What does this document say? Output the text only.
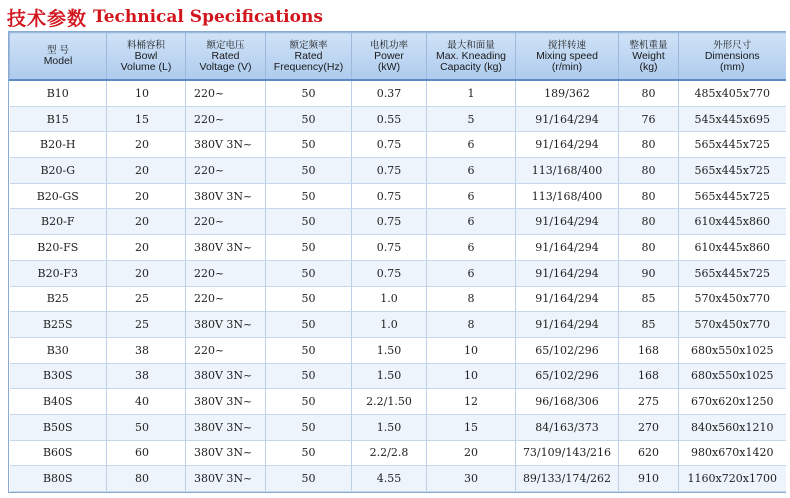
技术参数 Technical Specifications
型 号
Model	料桶容积
Bowl
Volume (L)	额定电压
Rated
Voltage (V)	额定频率
Rated
Frequency(Hz)	电机功率
Power
(kW)	最大和面量
Max. Kneading
Capacity (kg)	搅拌转速
Mixing speed
(r/min)	整机重量
Weight
(kg)	外形尺寸
Dimensions
(mm)

B10	10	220~	50	0.37	1	189/362	80	485x405x770
B15	15	220~	50	0.55	5	91/164/294	76	545x445x695
B20-H	20	380V 3N~	50	0.75	6	91/164/294	80	565x445x725
B20-G	20	220~	50	0.75	6	113/168/400	80	565x445x725
B20-GS	20	380V 3N~	50	0.75	6	113/168/400	80	565x445x725
B20-F	20	220~	50	0.75	6	91/164/294	80	610x445x860
B20-FS	20	380V 3N~	50	0.75	6	91/164/294	80	610x445x860
B20-F3	20	220~	50	0.75	6	91/164/294	90	565x445x725
B25	25	220~	50	1.0	8	91/164/294	85	570x450x770
B25S	25	380V 3N~	50	1.0	8	91/164/294	85	570x450x770
B30	38	220~	50	1.50	10	65/102/296	168	680x550x1025
B30S	38	380V 3N~	50	1.50	10	65/102/296	168	680x550x1025
B40S	40	380V 3N~	50	2.2/1.50	12	96/168/306	275	670x620x1250
B50S	50	380V 3N~	50	1.50	15	84/163/373	270	840x560x1210
B60S	60	380V 3N~	50	2.2/2.8	20	73/109/143/216	620	980x670x1420
B80S	80	380V 3N~	50	4.55	30	89/133/174/262	910	1160x720x1700
